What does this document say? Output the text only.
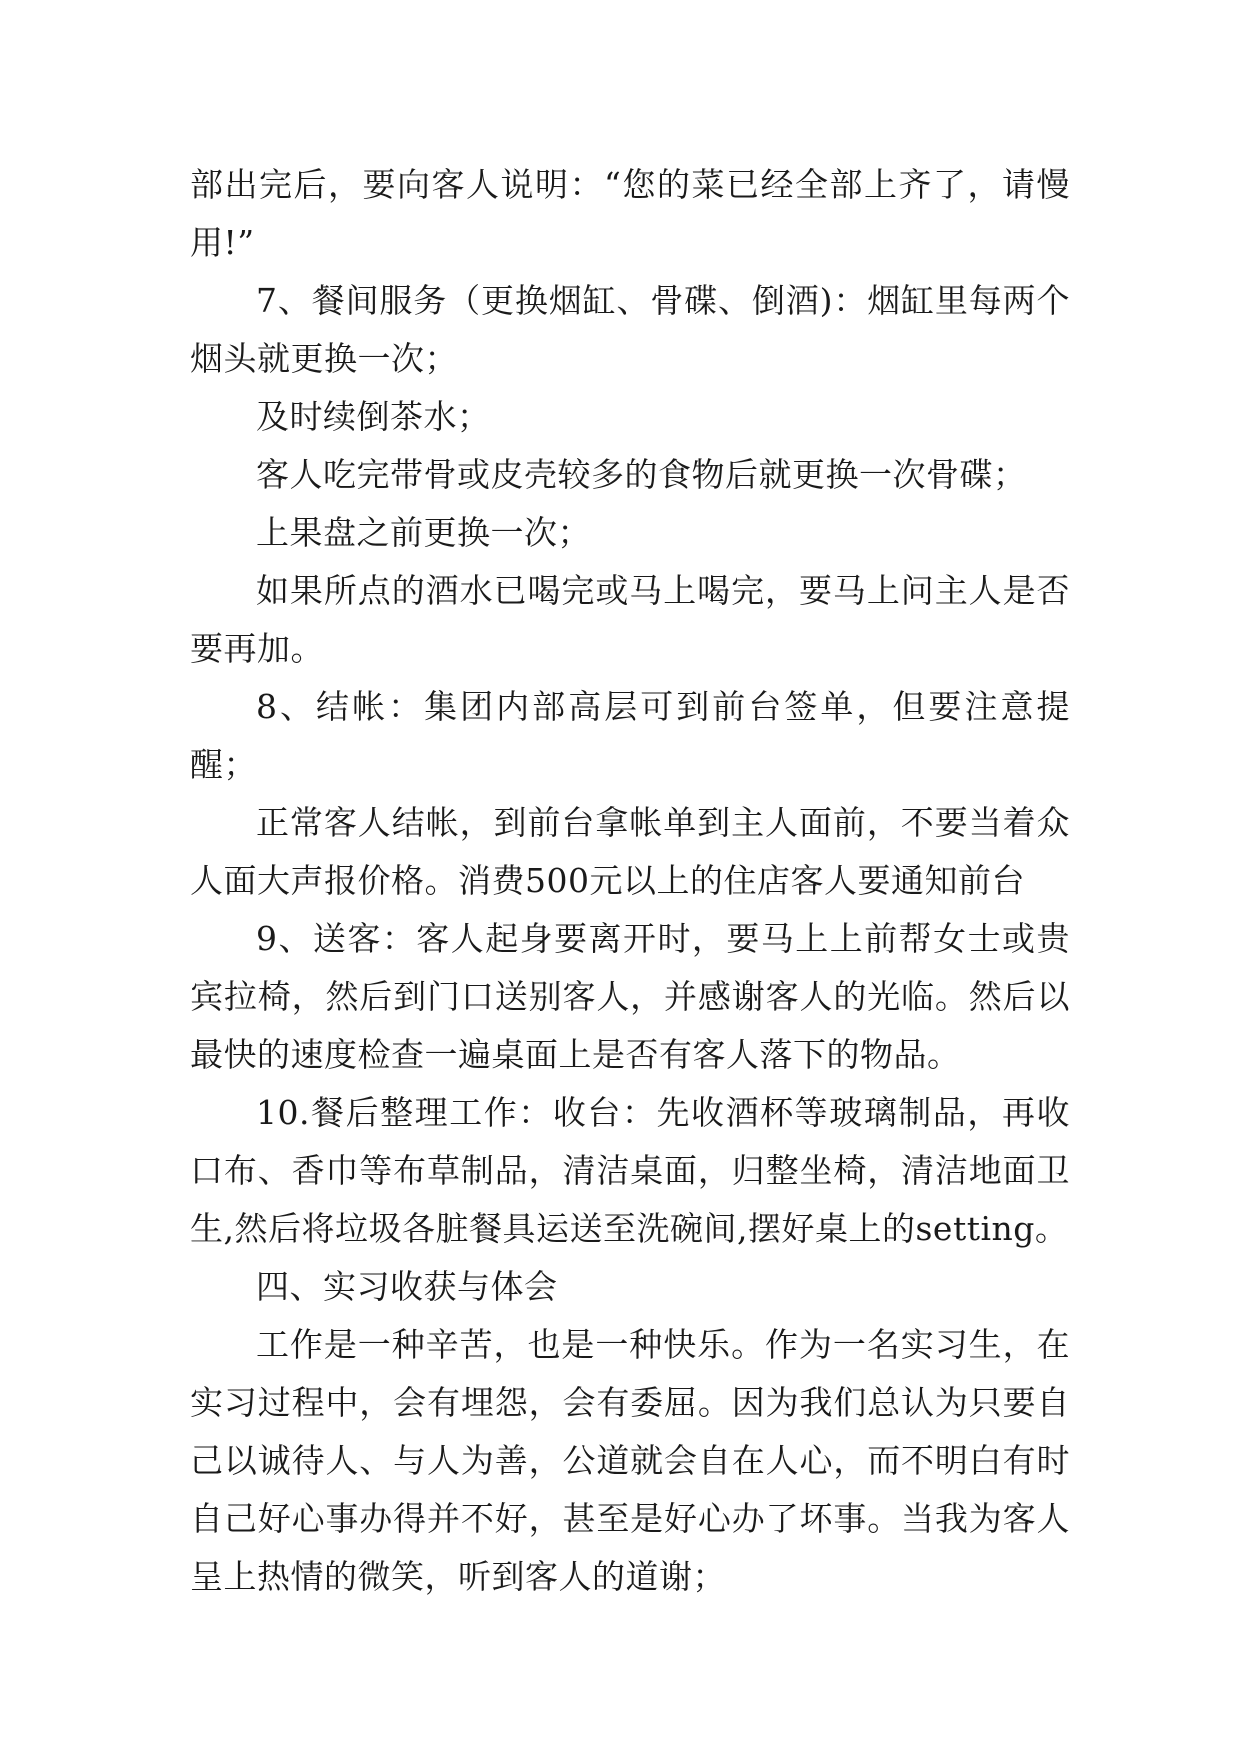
部出完后，要向客人说明：“您的菜已经全部上齐了，请慢用!”

7、餐间服务（更换烟缸、骨碟、倒酒)：烟缸里每两个烟头就更换一次；

及时续倒茶水；

客人吃完带骨或皮壳较多的食物后就更换一次骨碟；

上果盘之前更换一次；

如果所点的酒水已喝完或马上喝完，要马上问主人是否要再加。

8、结帐：集团内部高层可到前台签单，但要注意提醒；

正常客人结帐，到前台拿帐单到主人面前，不要当着众人面大声报价格。消费500元以上的住店客人要通知前台

9、送客：客人起身要离开时，要马上上前帮女士或贵宾拉椅，然后到门口送别客人，并感谢客人的光临。然后以最快的速度检查一遍桌面上是否有客人落下的物品。

10.餐后整理工作：收台：先收酒杯等玻璃制品，再收口布、香巾等布草制品，清洁桌面，归整坐椅，清洁地面卫生,然后将垃圾各脏餐具运送至洗碗间,摆好桌上的setting。

四、实习收获与体会

工作是一种辛苦，也是一种快乐。作为一名实习生，在实习过程中，会有埋怨，会有委屈。因为我们总认为只要自己以诚待人、与人为善，公道就会自在人心，而不明白有时自己好心事办得并不好，甚至是好心办了坏事。当我为客人呈上热情的微笑，听到客人的道谢；
